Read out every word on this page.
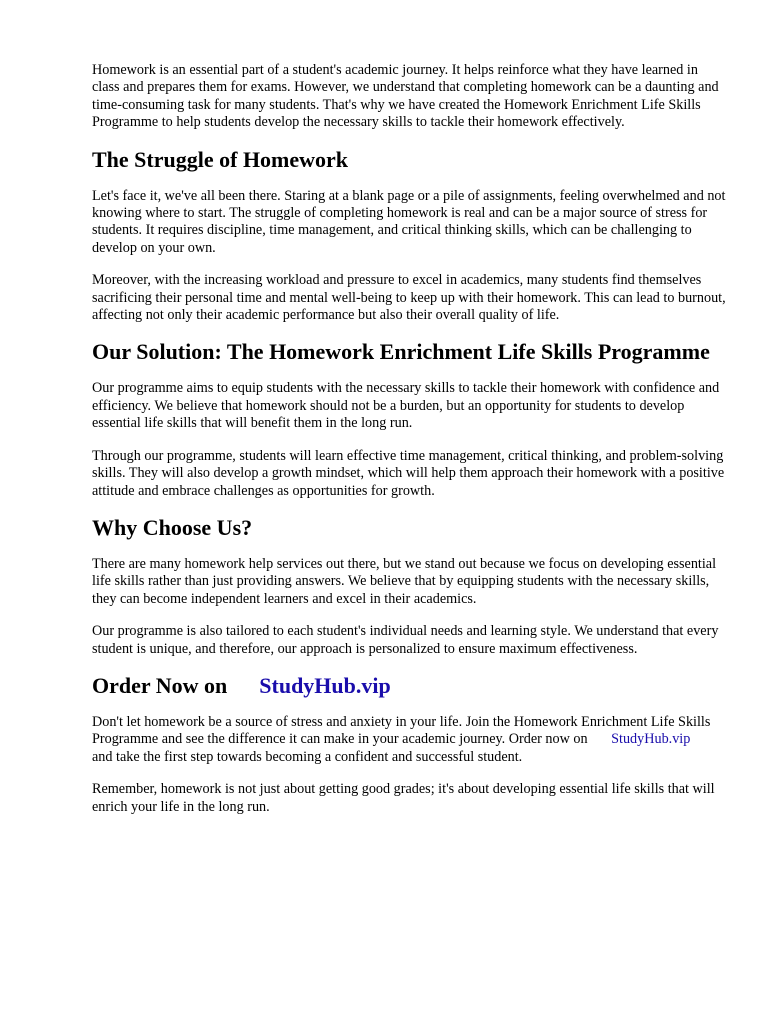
Homework is an essential part of a student's academic journey. It helps reinforce what they have learned in class and prepares them for exams. However, we understand that completing homework can be a daunting and time-consuming task for many students. That's why we have created the Homework Enrichment Life Skills Programme to help students develop the necessary skills to tackle their homework effectively.

The Struggle of Homework

Let's face it, we've all been there. Staring at a blank page or a pile of assignments, feeling overwhelmed and not knowing where to start. The struggle of completing homework is real and can be a major source of stress for students. It requires discipline, time management, and critical thinking skills, which can be challenging to develop on your own.

Moreover, with the increasing workload and pressure to excel in academics, many students find themselves sacrificing their personal time and mental well-being to keep up with their homework. This can lead to burnout, affecting not only their academic performance but also their overall quality of life.

Our Solution: The Homework Enrichment Life Skills Programme

Our programme aims to equip students with the necessary skills to tackle their homework with confidence and efficiency. We believe that homework should not be a burden, but an opportunity for students to develop essential life skills that will benefit them in the long run.

Through our programme, students will learn effective time management, critical thinking, and problem-solving skills. They will also develop a growth mindset, which will help them approach their homework with a positive attitude and embrace challenges as opportunities for growth.

Why Choose Us?

There are many homework help services out there, but we stand out because we focus on developing essential life skills rather than just providing answers. We believe that by equipping students with the necessary skills, they can become independent learners and excel in their academics.

Our programme is also tailored to each student's individual needs and learning style. We understand that every student is unique, and therefore, our approach is personalized to ensure maximum effectiveness.

Order Now on StudyHub.vip

Don't let homework be a source of stress and anxiety in your life. Join the Homework Enrichment Life Skills Programme and see the difference it can make in your academic journey. Order now on StudyHub.vipand take the first step towards becoming a confident and successful student.

Remember, homework is not just about getting good grades; it's about developing essential life skills that will enrich your life in the long run.
